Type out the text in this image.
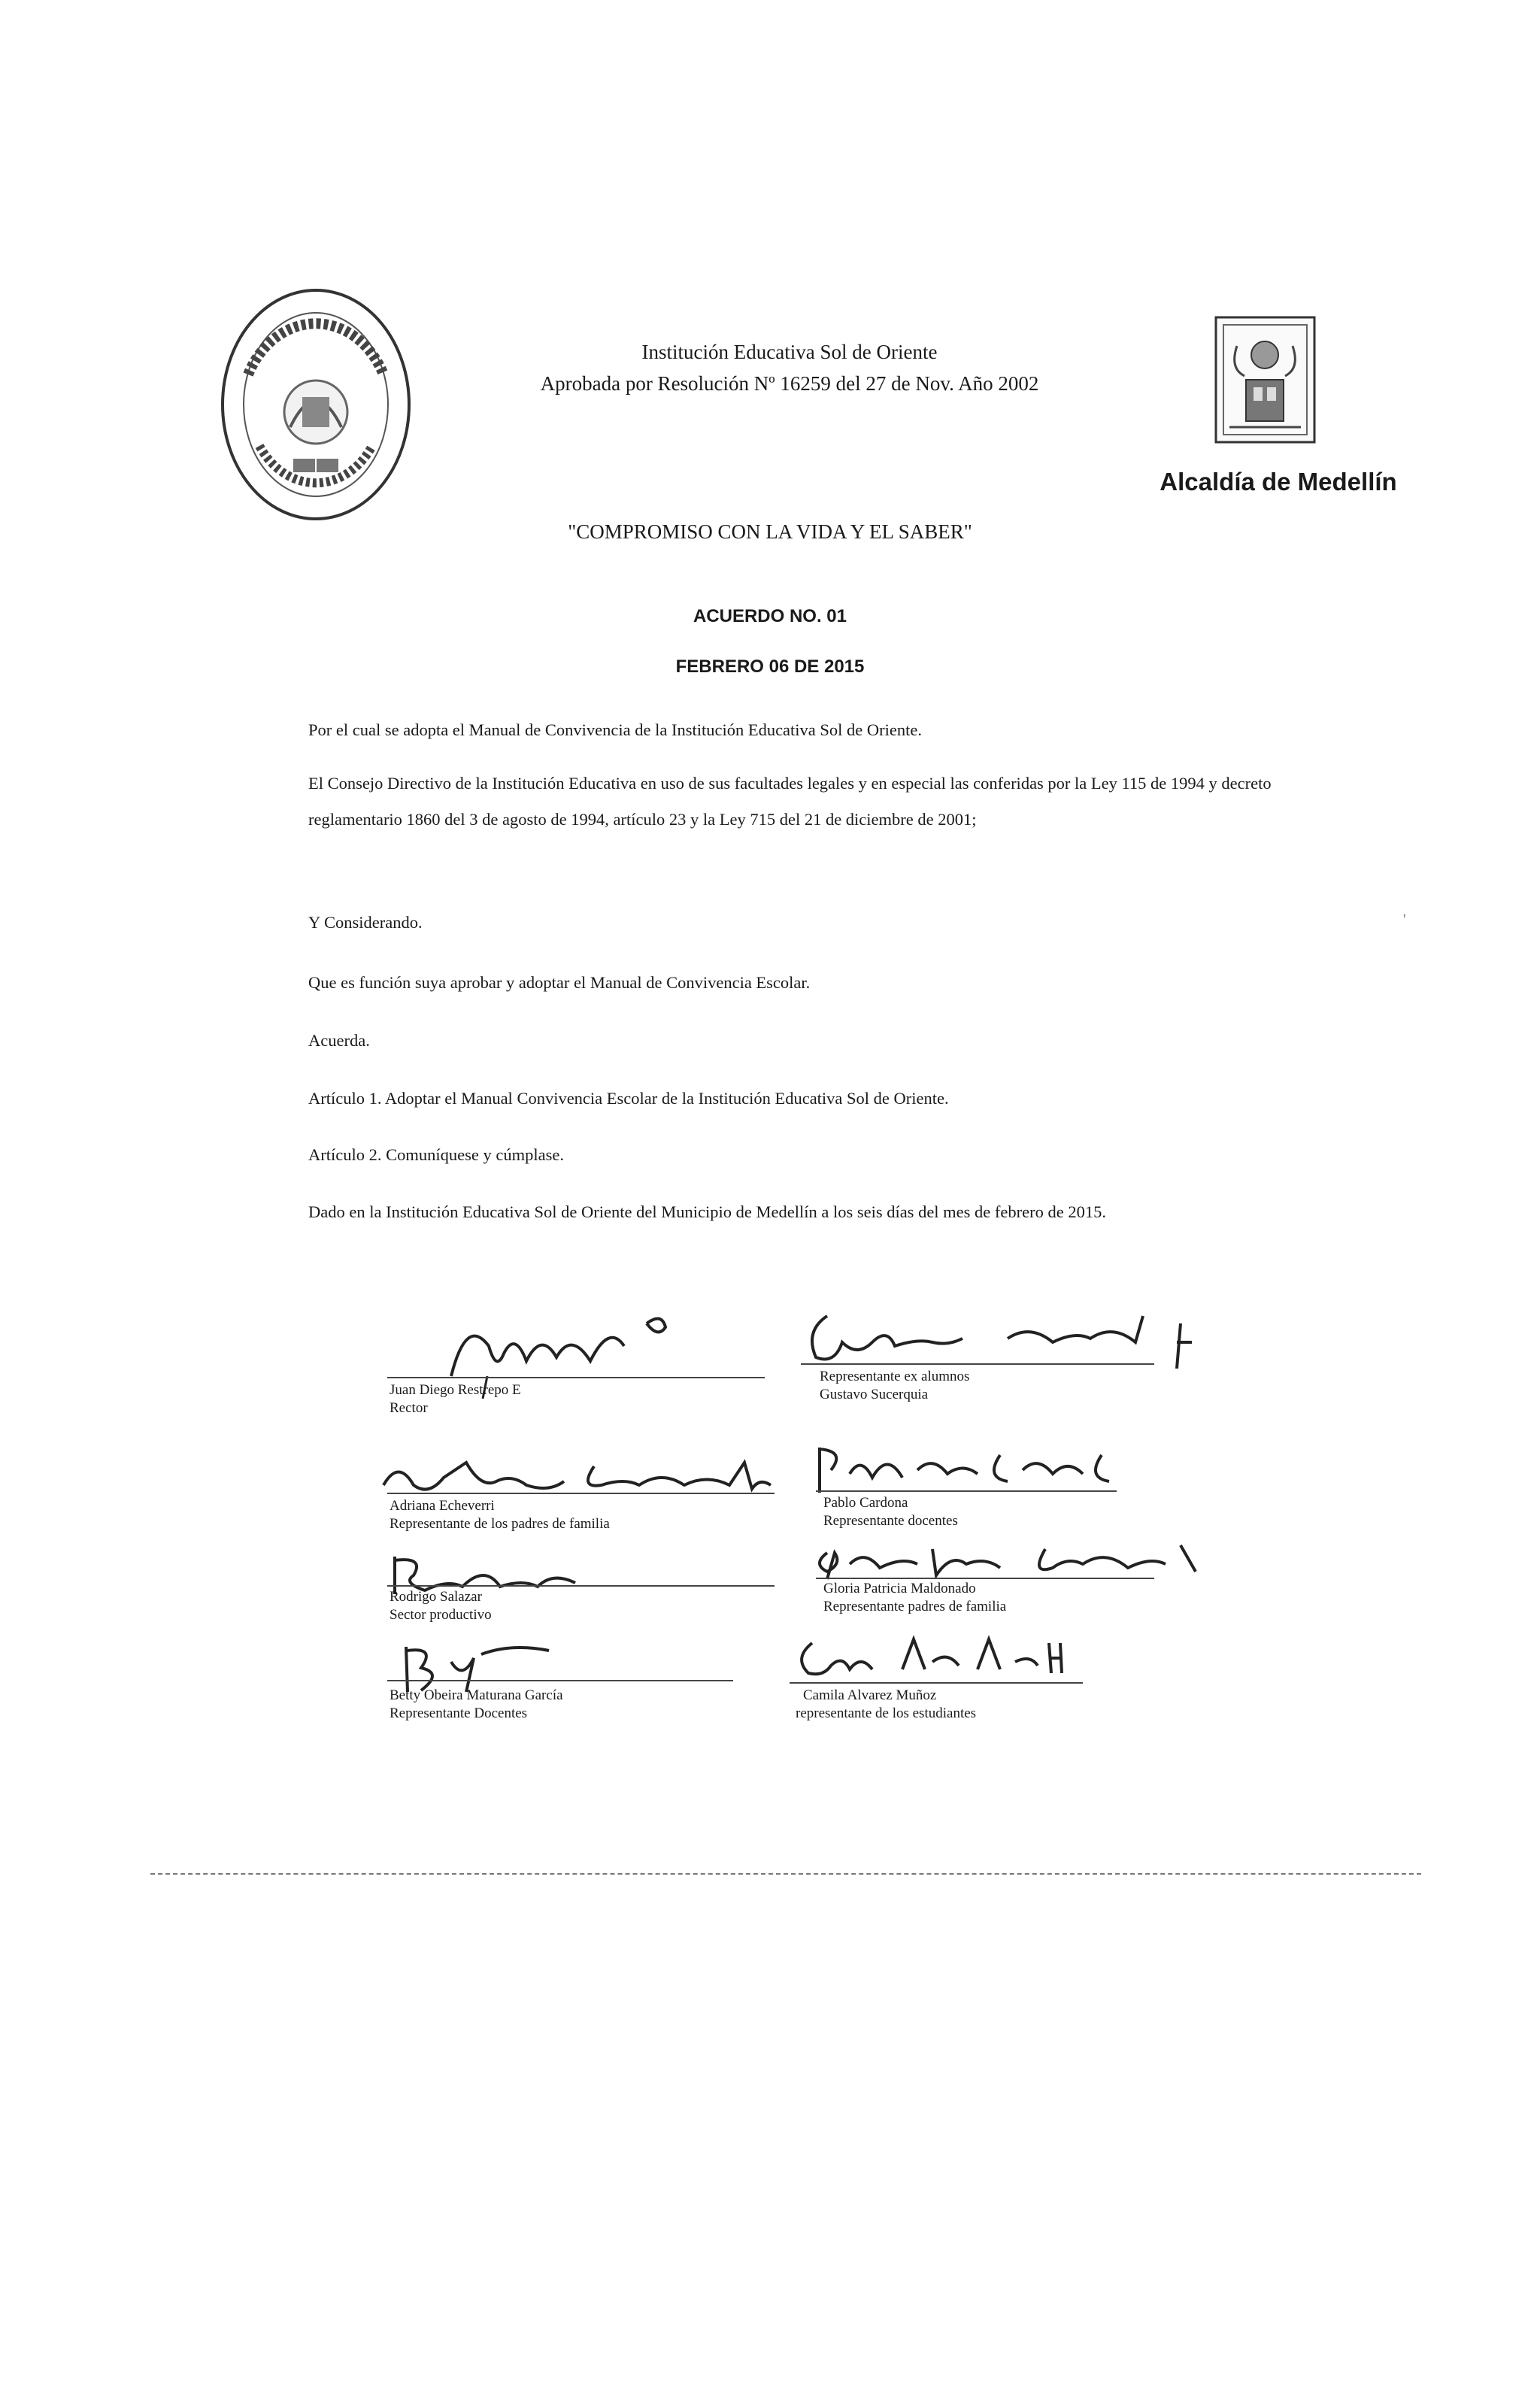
Institución Educativa Sol de Oriente
Aprobada por Resolución Nº 16259 del 27 de Nov. Año 2002
Alcaldía de Medellín
"COMPROMISO CON LA VIDA Y EL SABER"
ACUERDO NO. 01
FEBRERO 06 DE 2015
Por el cual se adopta el Manual de Convivencia de la Institución Educativa Sol de Oriente.
El Consejo Directivo de la Institución Educativa en uso de sus facultades legales y en especial las conferidas por la Ley 115 de 1994 y decreto reglamentario 1860 del 3 de agosto de 1994, artículo 23 y la Ley 715 del 21 de diciembre de 2001;
Y Considerando.
Que es función suya aprobar y adoptar el Manual de Convivencia Escolar.
Acuerda.
Artículo 1. Adoptar el Manual Convivencia Escolar de la Institución Educativa Sol de Oriente.
Artículo 2. Comuníquese y cúmplase.
Dado en la Institución Educativa Sol de Oriente del Municipio de Medellín a los seis días del mes de febrero de 2015.
'
Juan Diego Restrepo E
Rector
Adriana Echeverri
Representante de los padres de familia
Rodrigo Salazar
Sector productivo
Betty Obeira Maturana García
Representante Docentes
Representante ex alumnos
Gustavo Sucerquia
Pablo Cardona
Representante docentes
Gloria Patricia Maldonado
Representante padres de familia
Camila Alvarez Muñoz
representante de los estudiantes
